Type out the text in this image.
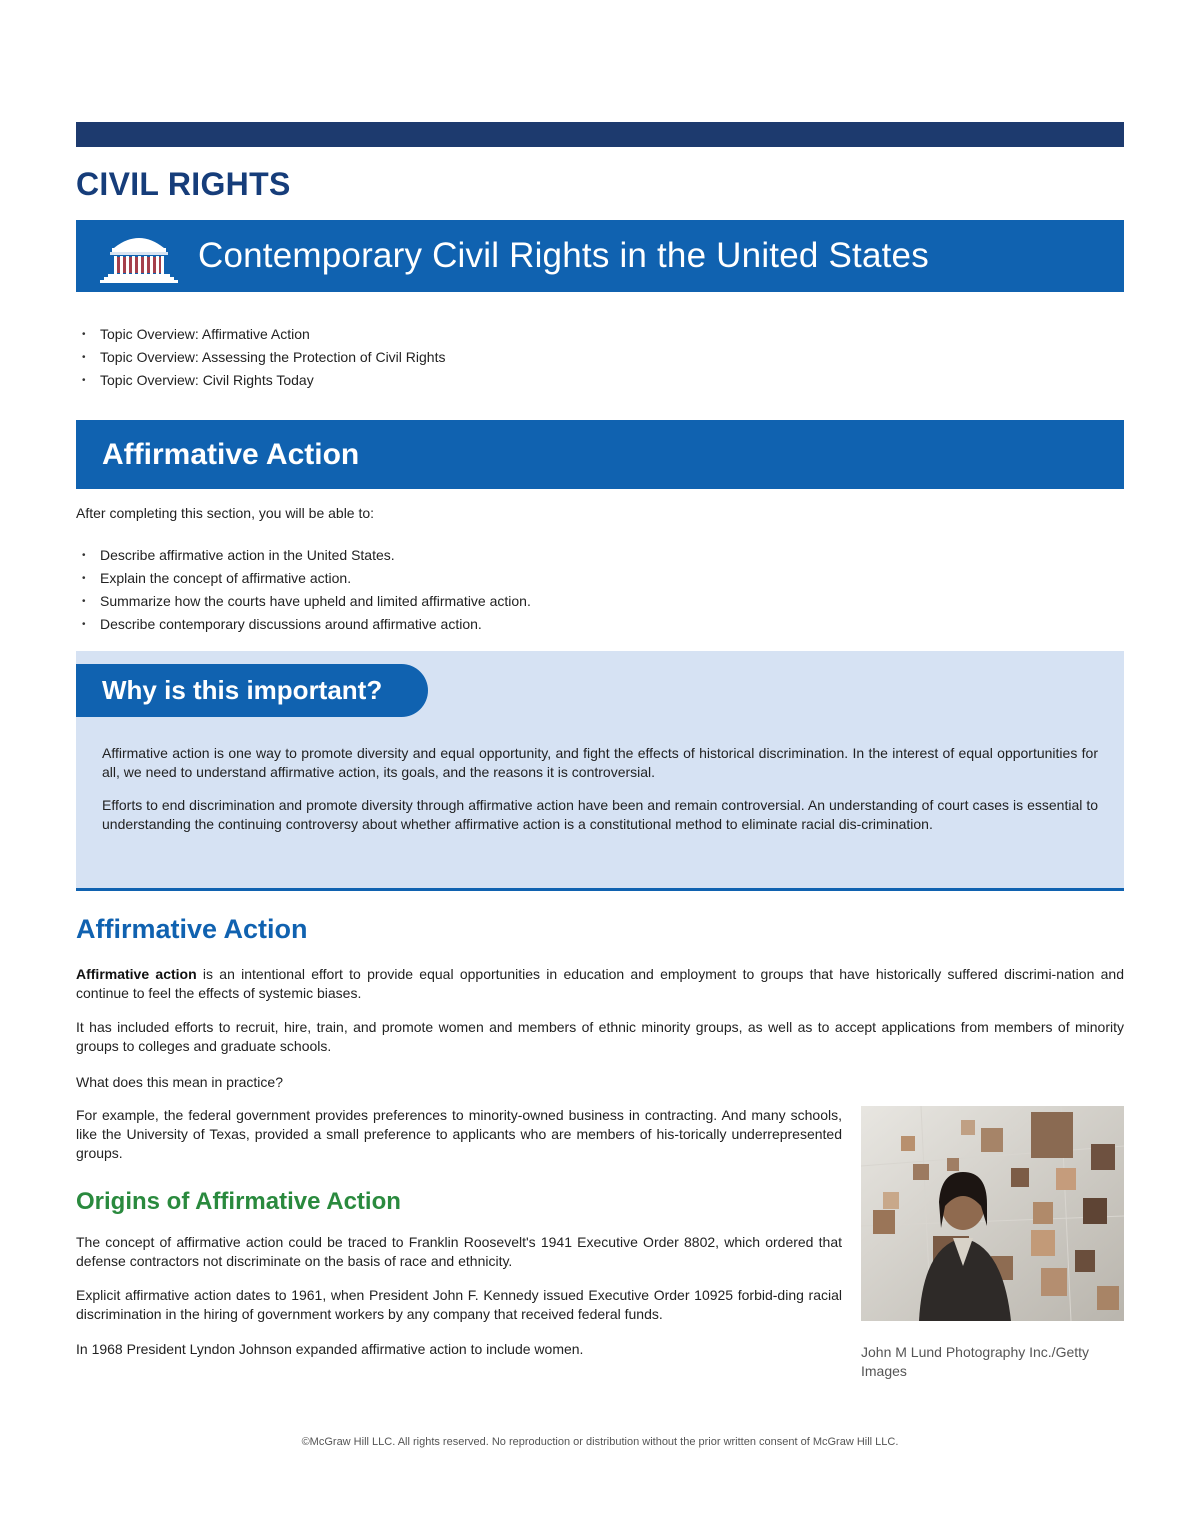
CIVIL RIGHTS
Contemporary Civil Rights in the United States
• Topic Overview: Affirmative Action
• Topic Overview: Assessing the Protection of Civil Rights
• Topic Overview: Civil Rights Today
Affirmative Action

After completing this section, you will be able to:

• Describe affirmative action in the United States.
• Explain the concept of affirmative action.
• Summarize how the courts have upheld and limited affirmative action.
• Describe contemporary discussions around affirmative action.
Why is this important?

Affirmative action is one way to promote diversity and equal opportunity, and fight the effects of historical discrimination. In the interest of equal opportunities for all, we need to understand affirmative action, its goals, and the reasons it is controversial.

Efforts to end discrimination and promote diversity through affirmative action have been and remain controversial. An understanding of court cases is essential to understanding the continuing controversy about whether affirmative action is a constitutional method to eliminate racial dis-crimination.

Affirmative Action

Affirmative action is an intentional effort to provide equal opportunities in education and employment to groups that have historically suffered discrimi-nation and continue to feel the effects of systemic biases.

It has included efforts to recruit, hire, train, and promote women and members of ethnic minority groups, as well as to accept applications from members of minority groups to colleges and graduate schools.

What does this mean in practice?

For example, the federal government provides preferences to minority-owned business in contracting. And many schools, like the University of Texas, provided a small preference to applicants who are members of his-torically underrepresented groups.

Origins of Affirmative Action

The concept of affirmative action could be traced to Franklin Roosevelt's 1941 Executive Order 8802, which ordered that defense contractors not discriminate on the basis of race and ethnicity.

Explicit affirmative action dates to 1961, when President John F. Kennedy issued Executive Order 10925 forbid-ding racial discrimination in the hiring of government workers by any company that received federal funds.

In 1968 President Lyndon Johnson expanded affirmative action to include women.	John M Lund Photography Inc./Getty Images

©McGraw Hill LLC. All rights reserved. No reproduction or distribution without the prior written consent of McGraw Hill LLC.
